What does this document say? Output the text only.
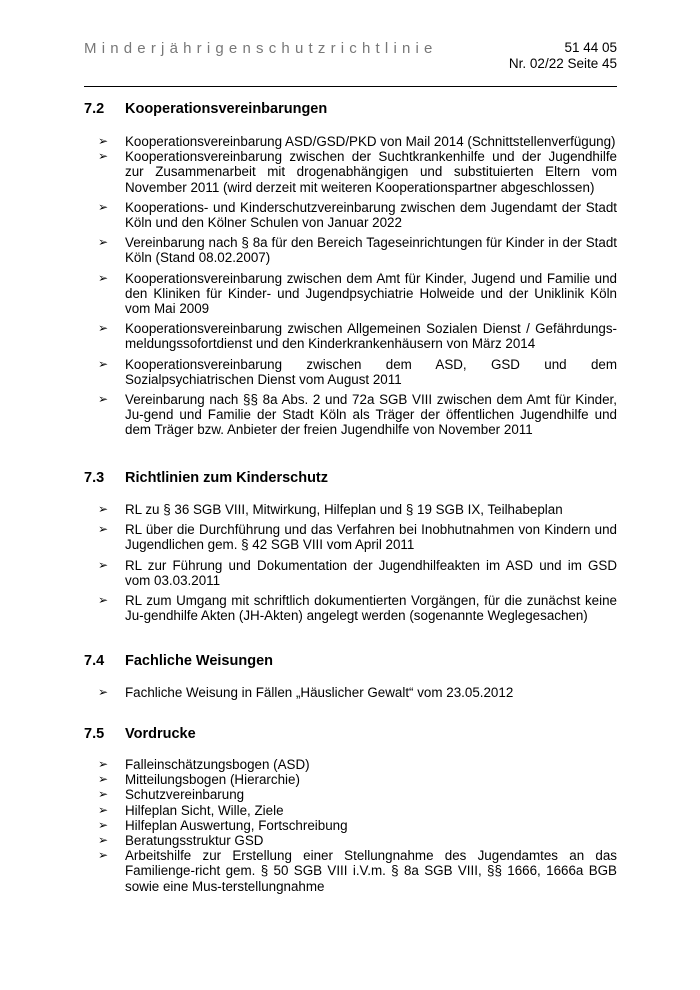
Minderjährigenschutzrichtlinie	51 44 05
Nr. 02/22 Seite 45
7.2 Kooperationsvereinbarungen
➢ Kooperationsvereinbarung ASD/GSD/PKD von Mail 2014 (Schnittstellenverfügung)
➢ Kooperationsvereinbarung zwischen der Suchtkrankenhilfe und der Jugendhilfe zur Zusammenarbeit mit drogenabhängigen und substituierten Eltern vom November 2011 (wird derzeit mit weiteren Kooperationspartner abgeschlossen)
➢ Kooperations- und Kinderschutzvereinbarung zwischen dem Jugendamt der Stadt Köln und den Kölner Schulen von Januar 2022
➢ Vereinbarung nach § 8a für den Bereich Tageseinrichtungen für Kinder in der Stadt Köln (Stand 08.02.2007)
➢ Kooperationsvereinbarung zwischen dem Amt für Kinder, Jugend und Familie und den Kliniken für Kinder- und Jugendpsychiatrie Holweide und der Uniklinik Köln vom Mai 2009
➢ Kooperationsvereinbarung zwischen Allgemeinen Sozialen Dienst / Gefährdungs-meldungssofortdienst und den Kinderkrankenhäusern von März 2014
➢ Kooperationsvereinbarung zwischen dem ASD, GSD und dem Sozialpsychiatrischen Dienst vom August 2011
➢ Vereinbarung nach §§ 8a Abs. 2 und 72a SGB VIII zwischen dem Amt für Kinder, Ju-gend und Familie der Stadt Köln als Träger der öffentlichen Jugendhilfe und dem Träger bzw. Anbieter der freien Jugendhilfe von November 2011
7.3 Richtlinien zum Kinderschutz
➢ RL zu § 36 SGB VIII, Mitwirkung, Hilfeplan und § 19 SGB IX, Teilhabeplan
➢ RL über die Durchführung und das Verfahren bei Inobhutnahmen von Kindern und Jugendlichen gem. § 42 SGB VIII vom April 2011
➢ RL zur Führung und Dokumentation der Jugendhilfeakten im ASD und im GSD vom 03.03.2011
➢ RL zum Umgang mit schriftlich dokumentierten Vorgängen, für die zunächst keine Ju-gendhilfe Akten (JH-Akten) angelegt werden (sogenannte Weglegesachen)
7.4 Fachliche Weisungen
➢ Fachliche Weisung in Fällen „Häuslicher Gewalt“ vom 23.05.2012
7.5 Vordrucke
➢ Falleinschätzungsbogen (ASD)
➢ Mitteilungsbogen (Hierarchie)
➢ Schutzvereinbarung
➢ Hilfeplan Sicht, Wille, Ziele
➢ Hilfeplan Auswertung, Fortschreibung
➢ Beratungsstruktur GSD
➢ Arbeitshilfe zur Erstellung einer Stellungnahme des Jugendamtes an das Familienge-richt gem. § 50 SGB VIII i.V.m. § 8a SGB VIII, §§ 1666, 1666a BGB sowie eine Mus-terstellungnahme
